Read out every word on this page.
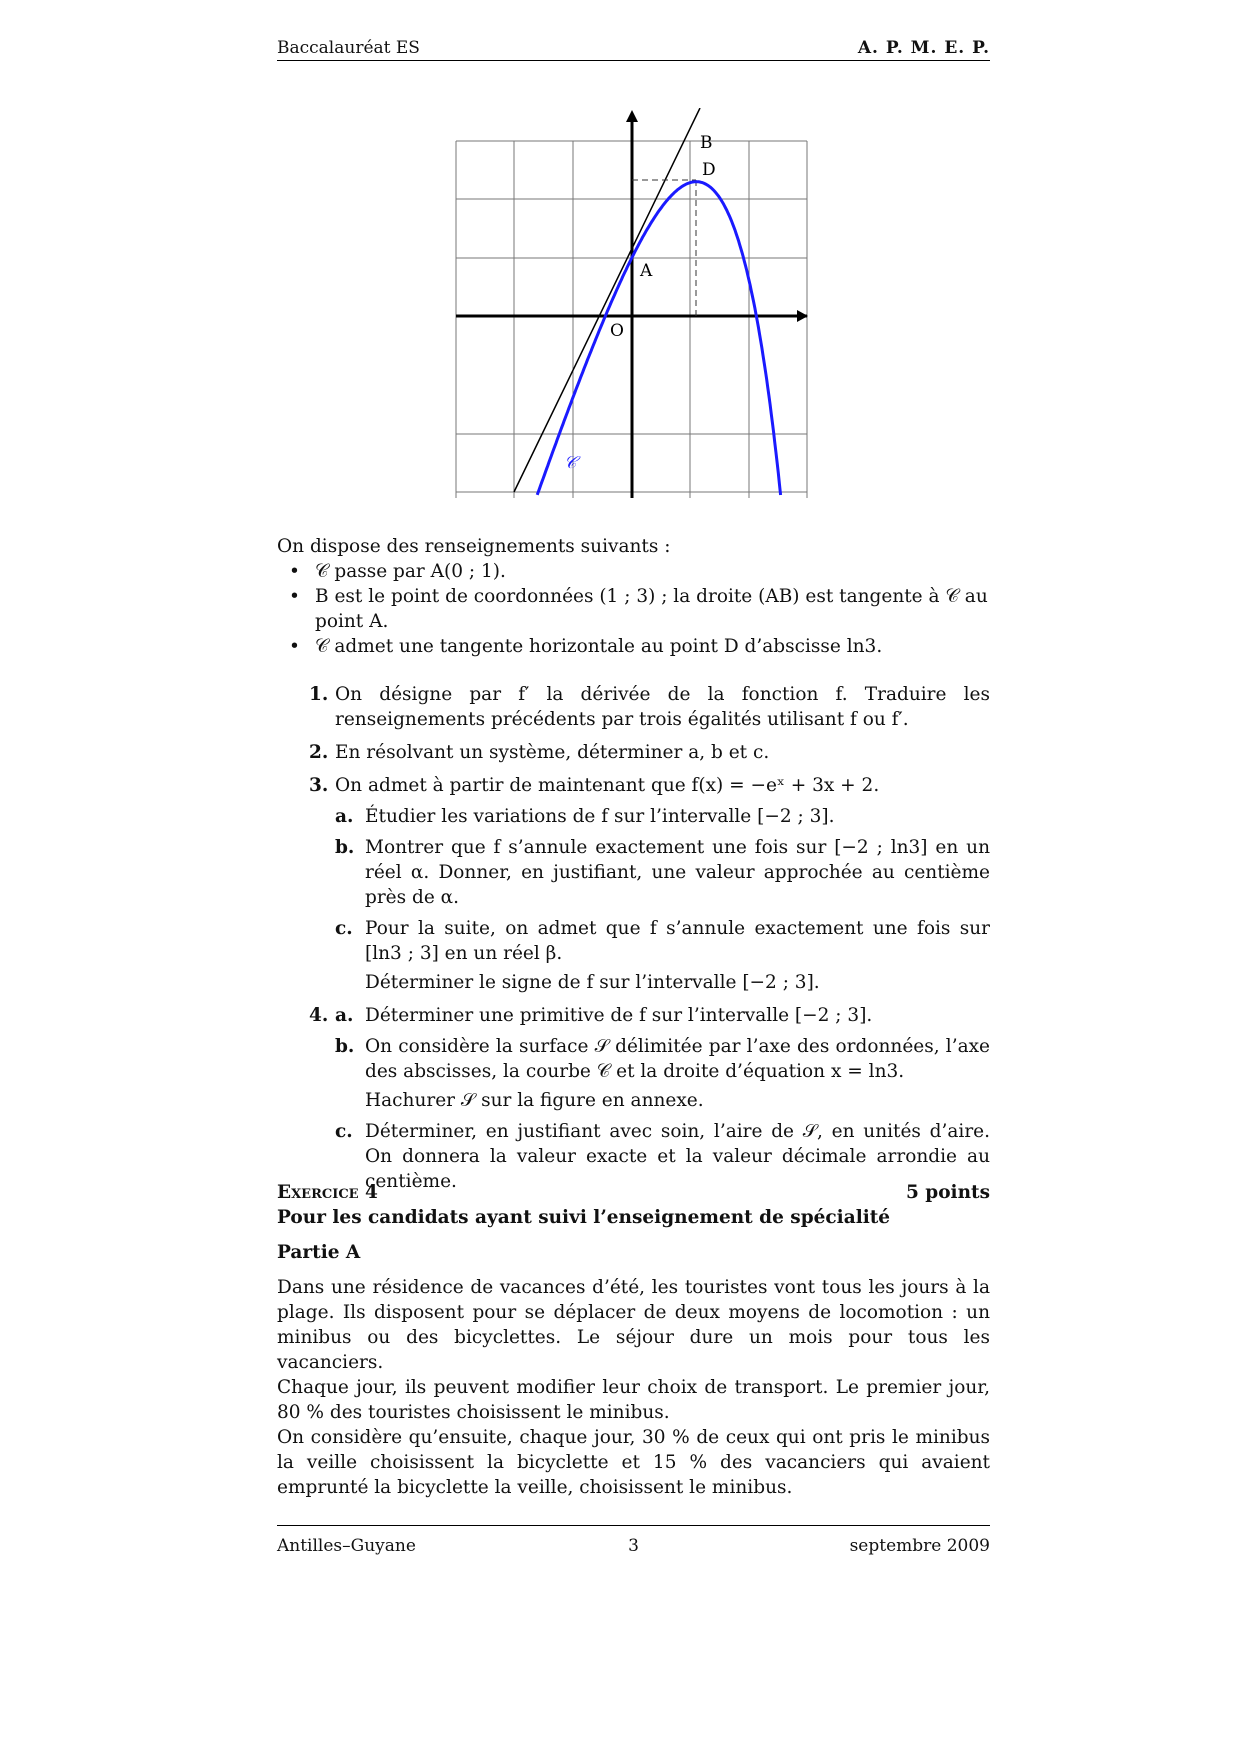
Baccalauréat ES	A. P. M. E. P.
B
D
A
O
𝒞
On dispose des renseignements suivants :
• 𝒞 passe par A(0 ; 1).
• B est le point de coordonnées (1 ; 3) ; la droite (AB) est tangente à 𝒞 au point A.
• 𝒞 admet une tangente horizontale au point D d’abscisse ln3.
1. On désigne par f′ la dérivée de la fonction f. Traduire les renseignements précédents par trois égalités utilisant f ou f′.
2. En résolvant un système, déterminer a, b et c.
3. On admet à partir de maintenant que f(x) = −eˣ + 3x + 2.
a. Étudier les variations de f sur l’intervalle [−2 ; 3].
b. Montrer que f s’annule exactement une fois sur [−2 ; ln3] en un réel α. Donner, en justifiant, une valeur approchée au centième près de α.
c. Pour la suite, on admet que f s’annule exactement une fois sur [ln3 ; 3] en un réel β.
Déterminer le signe de f sur l’intervalle [−2 ; 3].
4. a. Déterminer une primitive de f sur l’intervalle [−2 ; 3].
b. On considère la surface 𝒮 délimitée par l’axe des ordonnées, l’axe des abscisses, la courbe 𝒞 et la droite d’équation x = ln3.
Hachurer 𝒮 sur la figure en annexe.
c. Déterminer, en justifiant avec soin, l’aire de 𝒮, en unités d’aire. On donnera la valeur exacte et la valeur décimale arrondie au centième.
Exercice 4	5 points
Pour les candidats ayant suivi l’enseignement de spécialité
Partie A
Dans une résidence de vacances d’été, les touristes vont tous les jours à la plage. Ils disposent pour se déplacer de deux moyens de locomotion : un minibus ou des bicyclettes. Le séjour dure un mois pour tous les vacanciers.
Chaque jour, ils peuvent modifier leur choix de transport. Le premier jour, 80 % des touristes choisissent le minibus.
On considère qu’ensuite, chaque jour, 30 % de ceux qui ont pris le minibus la veille choisissent la bicyclette et 15 % des vacanciers qui avaient emprunté la bicyclette la veille, choisissent le minibus.
Antilles–Guyane	3	septembre 2009
